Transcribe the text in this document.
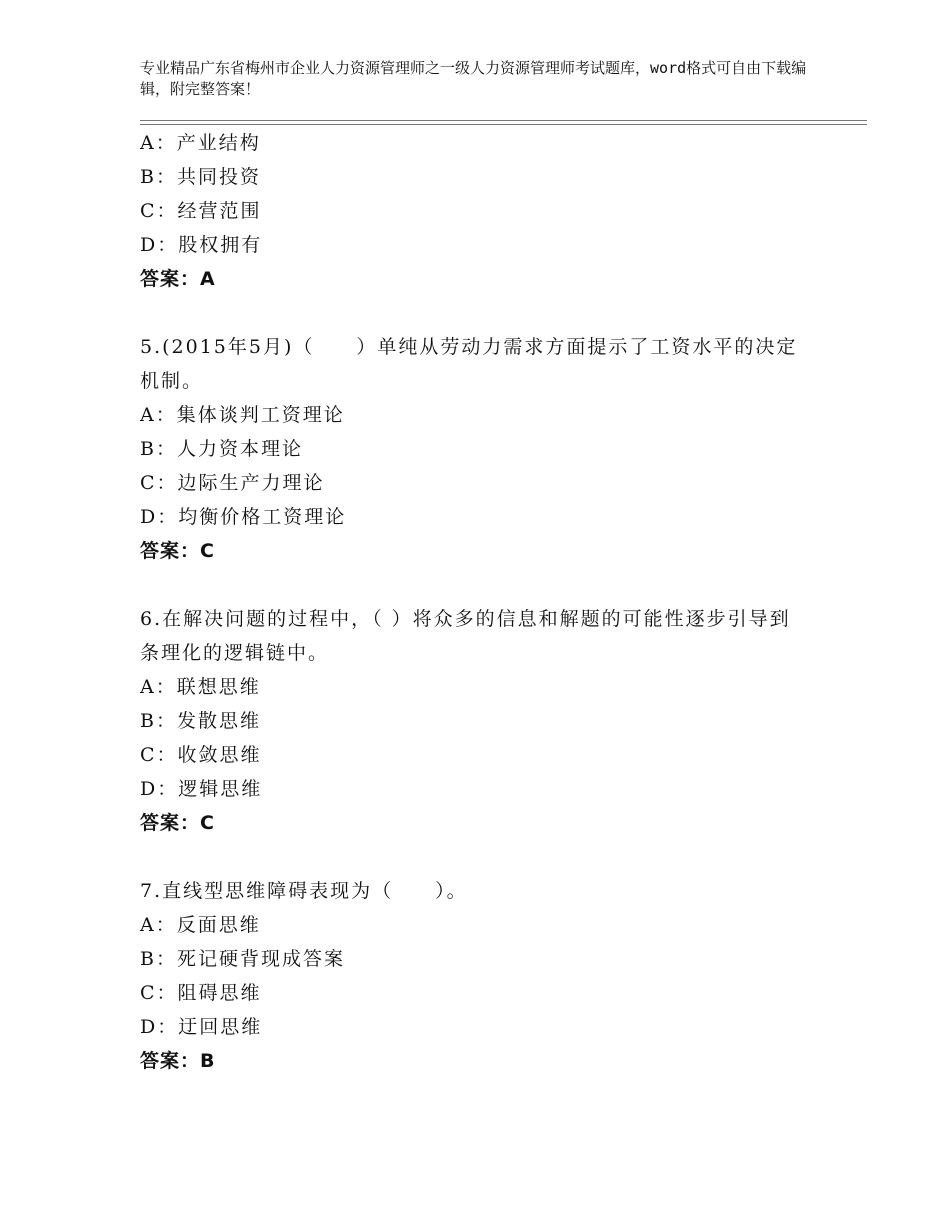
专业精品广东省梅州市企业人力资源管理师之一级人力资源管理师考试题库，word格式可自由下载编辑，附完整答案！
A：产业结构
B：共同投资
C：经营范围
D：股权拥有
答案：A
5.(2015年5月)（　　）单纯从劳动力需求方面提示了工资水平的决定机制。
A：集体谈判工资理论
B：人力资本理论
C：边际生产力理论
D：均衡价格工资理论
答案：C
6.在解决问题的过程中，（ ）将众多的信息和解题的可能性逐步引导到条理化的逻辑链中。
A：联想思维
B：发散思维
C：收敛思维
D：逻辑思维
答案：C
7.直线型思维障碍表现为（　　）。
A：反面思维
B：死记硬背现成答案
C：阻碍思维
D：迂回思维
答案：B
